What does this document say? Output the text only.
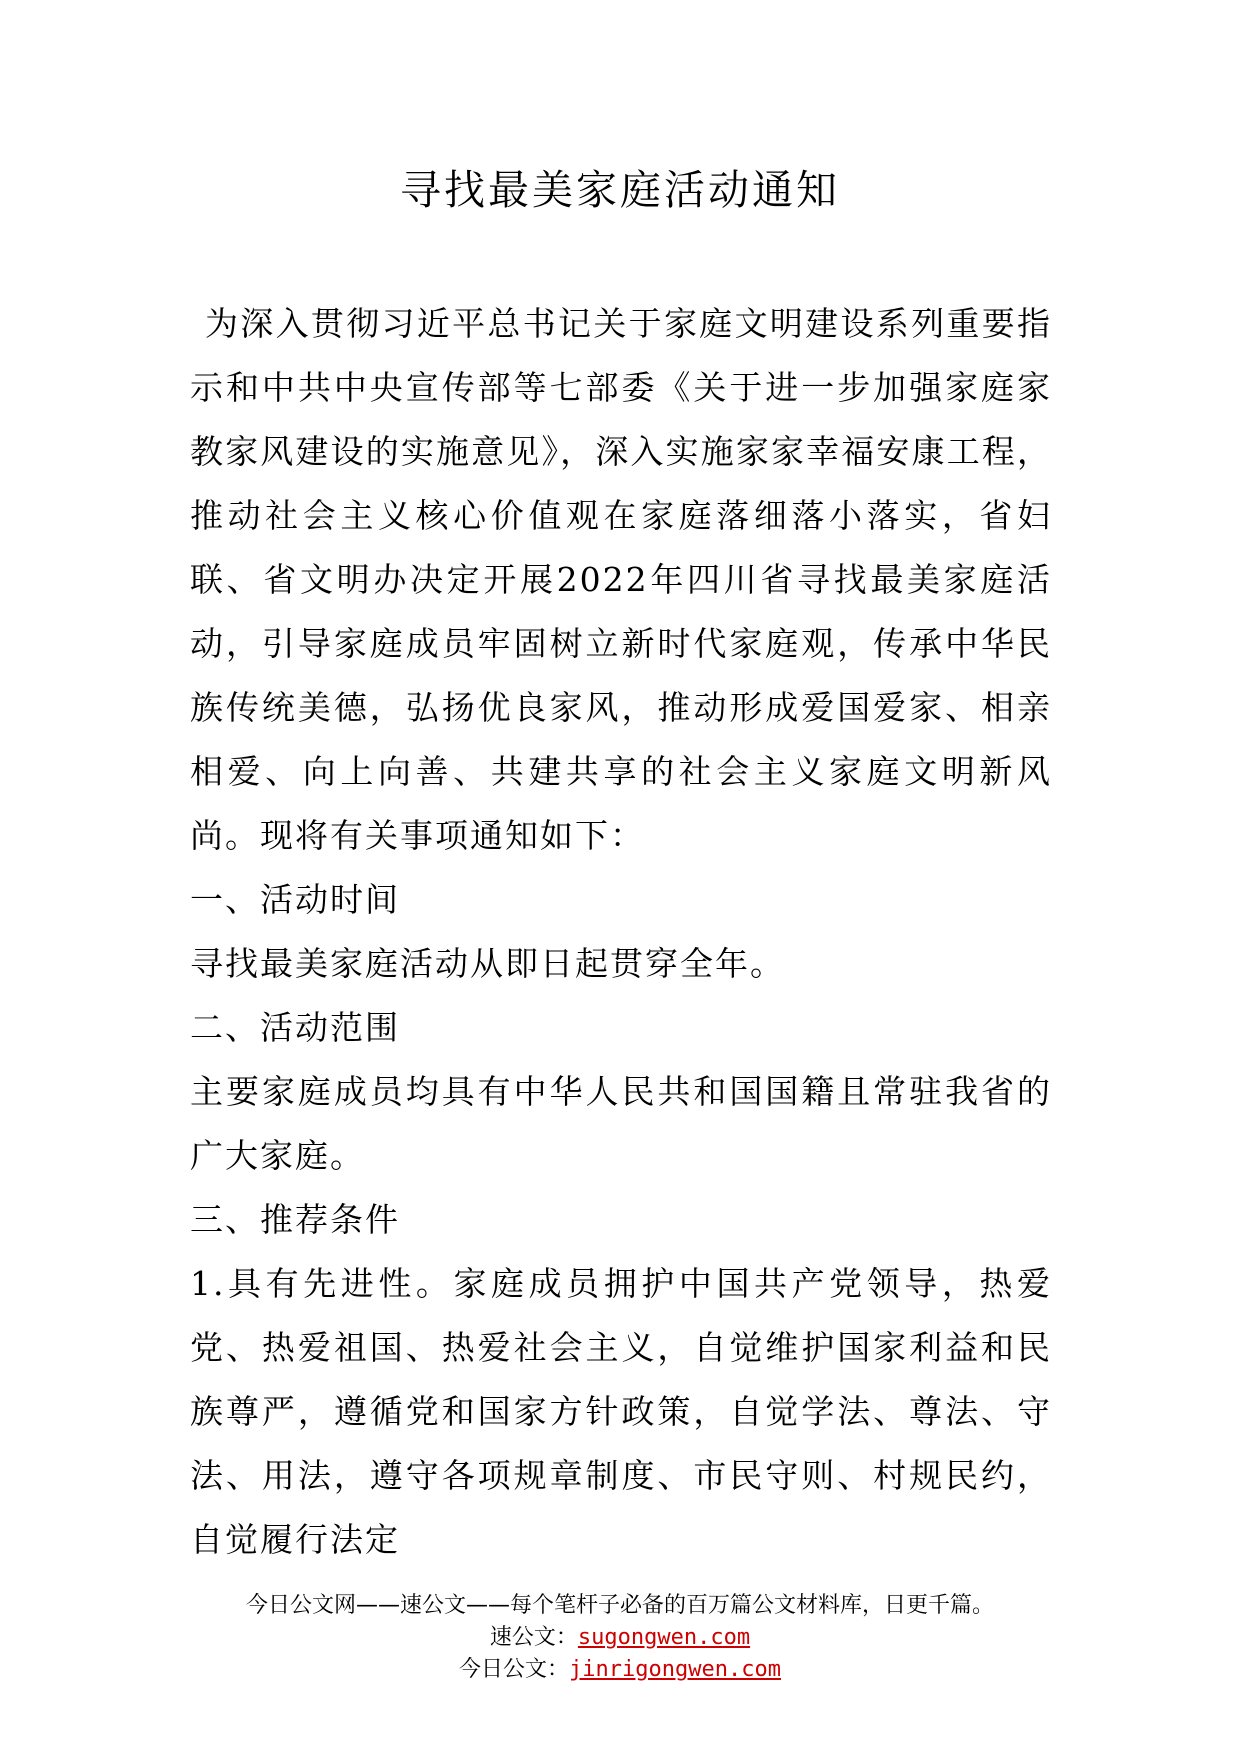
寻找最美家庭活动通知

为深入贯彻习近平总书记关于家庭文明建设系列重要指示和中共中央宣传部等七部委《关于进一步加强家庭家教家风建设的实施意见》，深入实施家家幸福安康工程，推动社会主义核心价值观在家庭落细落小落实，省妇联、省文明办决定开展2022年四川省寻找最美家庭活动，引导家庭成员牢固树立新时代家庭观，传承中华民族传统美德，弘扬优良家风，推动形成爱国爱家、相亲相爱、向上向善、共建共享的社会主义家庭文明新风尚。现将有关事项通知如下：

一、活动时间

寻找最美家庭活动从即日起贯穿全年。

二、活动范围

主要家庭成员均具有中华人民共和国国籍且常驻我省的广大家庭。

三、推荐条件

1.具有先进性。家庭成员拥护中国共产党领导，热爱党、热爱祖国、热爱社会主义，自觉维护国家利益和民族尊严，遵循党和国家方针政策，自觉学法、尊法、守法、用法，遵守各项规章制度、市民守则、村规民约，自觉履行法定

今日公文网——速公文——每个笔杆子必备的百万篇公文材料库，日更千篇。

速公文：sugongwen.com

今日公文：jinrigongwen.com
